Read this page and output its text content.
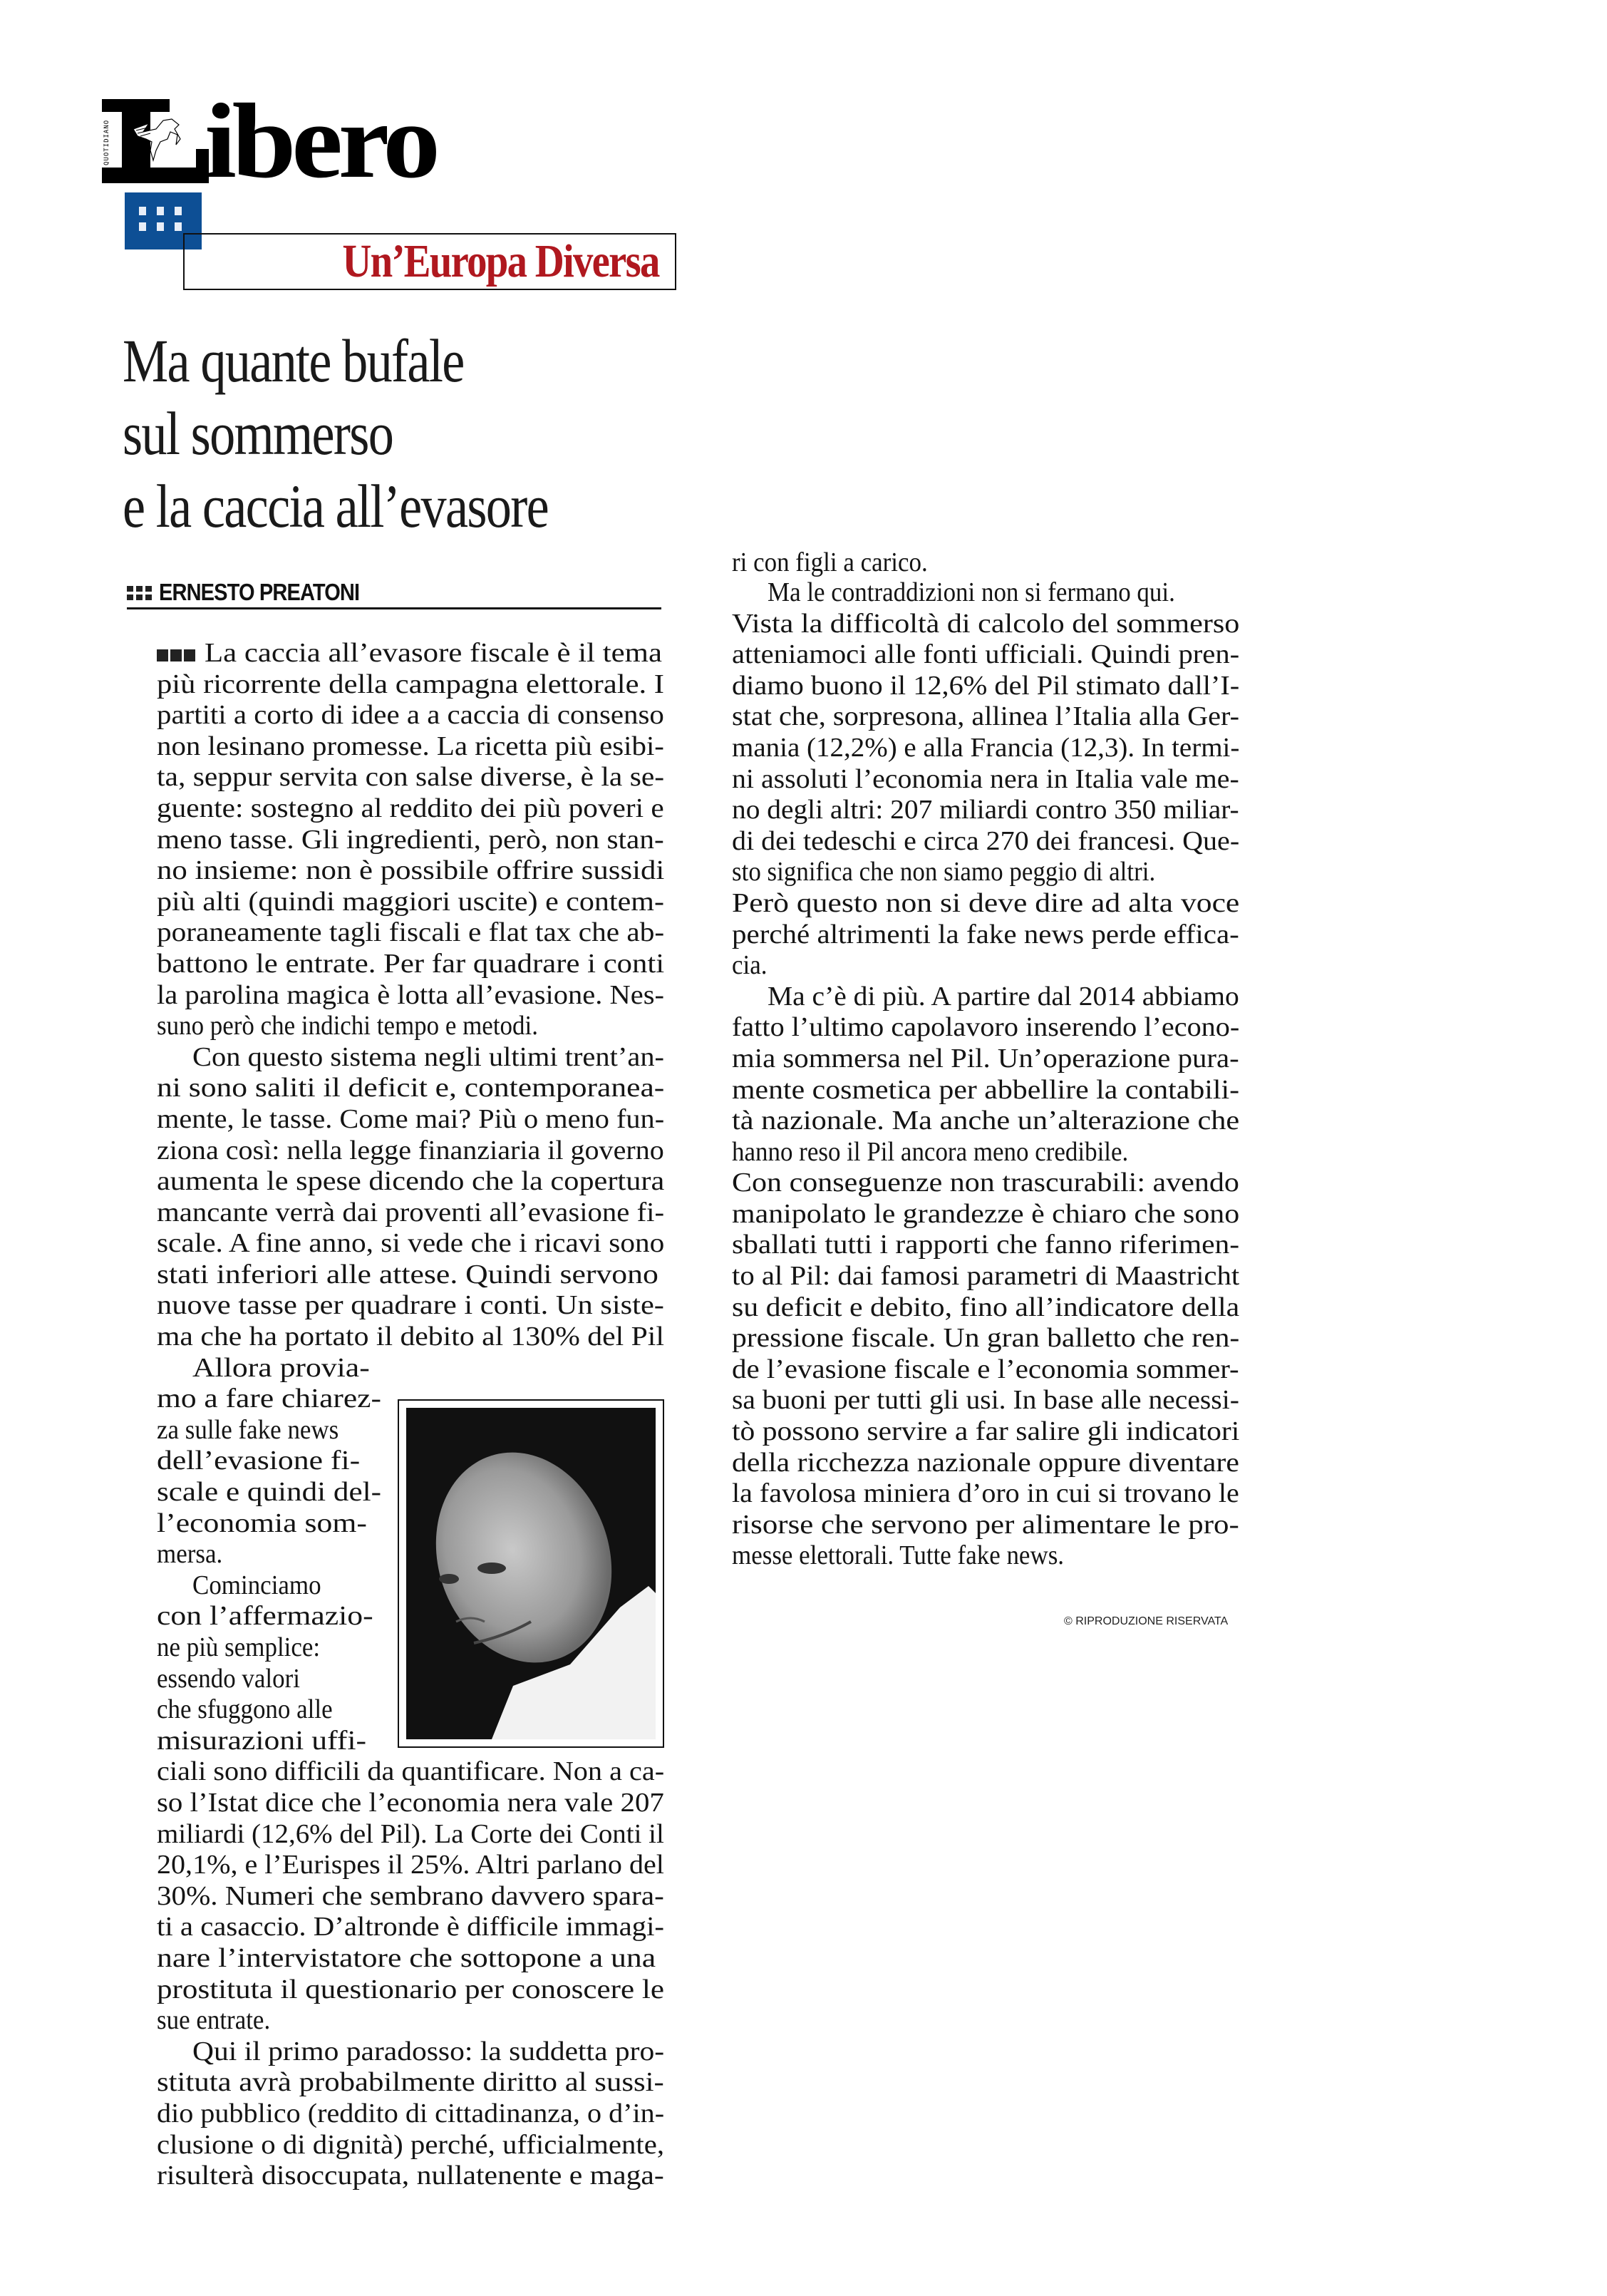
QUOTIDIANO ibero
Un’Europa Diversa
Ma quante bufale
sul sommerso
e la caccia all’evasore
ERNESTO PREATONI
La caccia all’evasore fiscale è il tema
più ricorrente della campagna elettorale. I
partiti a corto di idee a a caccia di consenso
non lesinano promesse. La ricetta più esibi-
ta, seppur servita con salse diverse, è la se-
guente: sostegno al reddito dei più poveri e
meno tasse. Gli ingredienti, però, non stan-
no insieme: non è possibile offrire sussidi
più alti (quindi maggiori uscite) e contem-
poraneamente tagli fiscali e flat tax che ab-
battono le entrate. Per far quadrare i conti
la parolina magica è lotta all’evasione. Nes-
suno però che indichi tempo e metodi.
Con questo sistema negli ultimi trent’an-
ni sono saliti il deficit e, contemporanea-
mente, le tasse. Come mai? Più o meno fun-
ziona così: nella legge finanziaria il governo
aumenta le spese dicendo che la copertura
mancante verrà dai proventi all’evasione fi-
scale. A fine anno, si vede che i ricavi sono
stati inferiori alle attese. Quindi servono
nuove tasse per quadrare i conti. Un siste-
ma che ha portato il debito al 130% del Pil
Allora provia-
mo a fare chiarez-
za sulle fake news
dell’evasione fi-
scale e quindi del-
l’economia som-
mersa.
Cominciamo
con l’affermazio-
ne più semplice:
essendo valori
che sfuggono alle
misurazioni uffi-
ciali sono difficili da quantificare. Non a ca-
so l’Istat dice che l’economia nera vale 207
miliardi (12,6% del Pil). La Corte dei Conti il
20,1%, e l’Eurispes il 25%. Altri parlano del
30%. Numeri che sembrano davvero spara-
ti a casaccio. D’altronde è difficile immagi-
nare l’intervistatore che sottopone a una
prostituta il questionario per conoscere le
sue entrate.
Qui il primo paradosso: la suddetta pro-
stituta avrà probabilmente diritto al sussi-
dio pubblico (reddito di cittadinanza, o d’in-
clusione o di dignità) perché, ufficialmente,
risulterà disoccupata, nullatenente e maga-
ri con figli a carico.
Ma le contraddizioni non si fermano qui.
Vista la difficoltà di calcolo del sommerso
atteniamoci alle fonti ufficiali. Quindi pren-
diamo buono il 12,6% del Pil stimato dall’I-
stat che, sorpresona, allinea l’Italia alla Ger-
mania (12,2%) e alla Francia (12,3). In termi-
ni assoluti l’economia nera in Italia vale me-
no degli altri: 207 miliardi contro 350 miliar-
di dei tedeschi e circa 270 dei francesi. Que-
sto significa che non siamo peggio di altri.
Però questo non si deve dire ad alta voce
perché altrimenti la fake news perde effica-
cia.
Ma c’è di più. A partire dal 2014 abbiamo
fatto l’ultimo capolavoro inserendo l’econo-
mia sommersa nel Pil. Un’operazione pura-
mente cosmetica per abbellire la contabili-
tà nazionale. Ma anche un’alterazione che
hanno reso il Pil ancora meno credibile.
Con conseguenze non trascurabili: avendo
manipolato le grandezze è chiaro che sono
sballati tutti i rapporti che fanno riferimen-
to al Pil: dai famosi parametri di Maastricht
su deficit e debito, fino all’indicatore della
pressione fiscale. Un gran balletto che ren-
de l’evasione fiscale e l’economia sommer-
sa buoni per tutti gli usi. In base alle necessi-
tò possono servire a far salire gli indicatori
della ricchezza nazionale oppure diventare
la favolosa miniera d’oro in cui si trovano le
risorse che servono per alimentare le pro-
messe elettorali. Tutte fake news.
© RIPRODUZIONE RISERVATA
